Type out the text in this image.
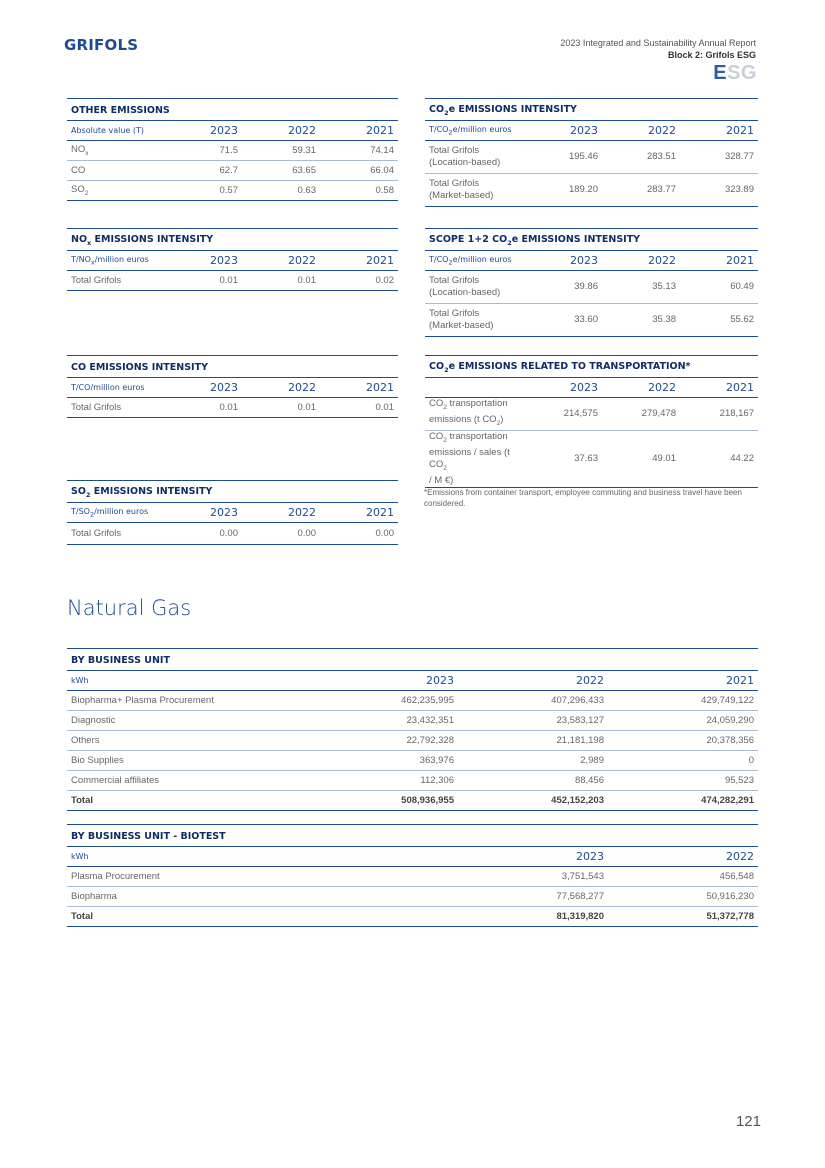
GRIFOLS	2023 Integrated and Sustainability Annual Report
Block 2: Grifols ESG
ESG
OTHER EMISSIONS			
Absolute value (T)	2023	2022	2021
$NO_x$	71.5	59.31	74.14
CO	62.7	63.65	66.04
$SO_2$	0.57	0.63	0.58
$NO_x$ EMISSIONS INTENSITY			
$T/NO_x$/million euros	2023	2022	2021
Total Grifols	0.01	0.01	0.02
CO EMISSIONS INTENSITY			
T/CO/million euros	2023	2022	2021
Total Grifols	0.01	0.01	0.01
$SO_2$ EMISSIONS INTENSITY			
$T/SO_2$/million euros	2023	2022	2021
Total Grifols	0.00	0.00	0.00
$CO_2e$ EMISSIONS INTENSITY			
$T/CO_2e$/million euros	2023	2022	2021
Total Grifols
(Location-based)	195.46	283.51	328.77
Total Grifols
(Market-based)	189.20	283.77	323.89
SCOPE 1+2 $CO_2e$ EMISSIONS INTENSITY			
$T/CO_2e$/million euros	2023	2022	2021
Total Grifols
(Location-based)	39.86	35.13	60.49
Total Grifols
(Market-based)	33.60	35.38	55.62
$CO_2e$ EMISSIONS RELATED TO TRANSPORTATION*			
	2023	2022	2021
$CO_2$ transportation
emissions (t $CO_2$)	214,575	279,478	218,167
$CO_2$ transportation
emissions / sales (t $CO_2$
/ M €)	37.63	49.01	44.22
*Emissions from container transport, employee commuting and business travel have been considered.
Natural Gas
BY BUSINESS UNIT			
kWh	2023	2022	2021
Biopharma+ Plasma Procurement	462,235,995	407,296,433	429,749,122
Diagnostic	23,432,351	23,583,127	24,059,290
Others	22,792,328	21,181,198	20,378,356
Bio Supplies	363,976	2,989	0
Commercial affiliates	112,306	88,456	95,523
Total	508,936,955	452,152,203	474,282,291
BY BUSINESS UNIT - BIOTEST		
kWh	2023	2022
Plasma Procurement	3,751,543	456,548
Biopharma	77,568,277	50,916,230
Total	81,319,820	51,372,778
121
